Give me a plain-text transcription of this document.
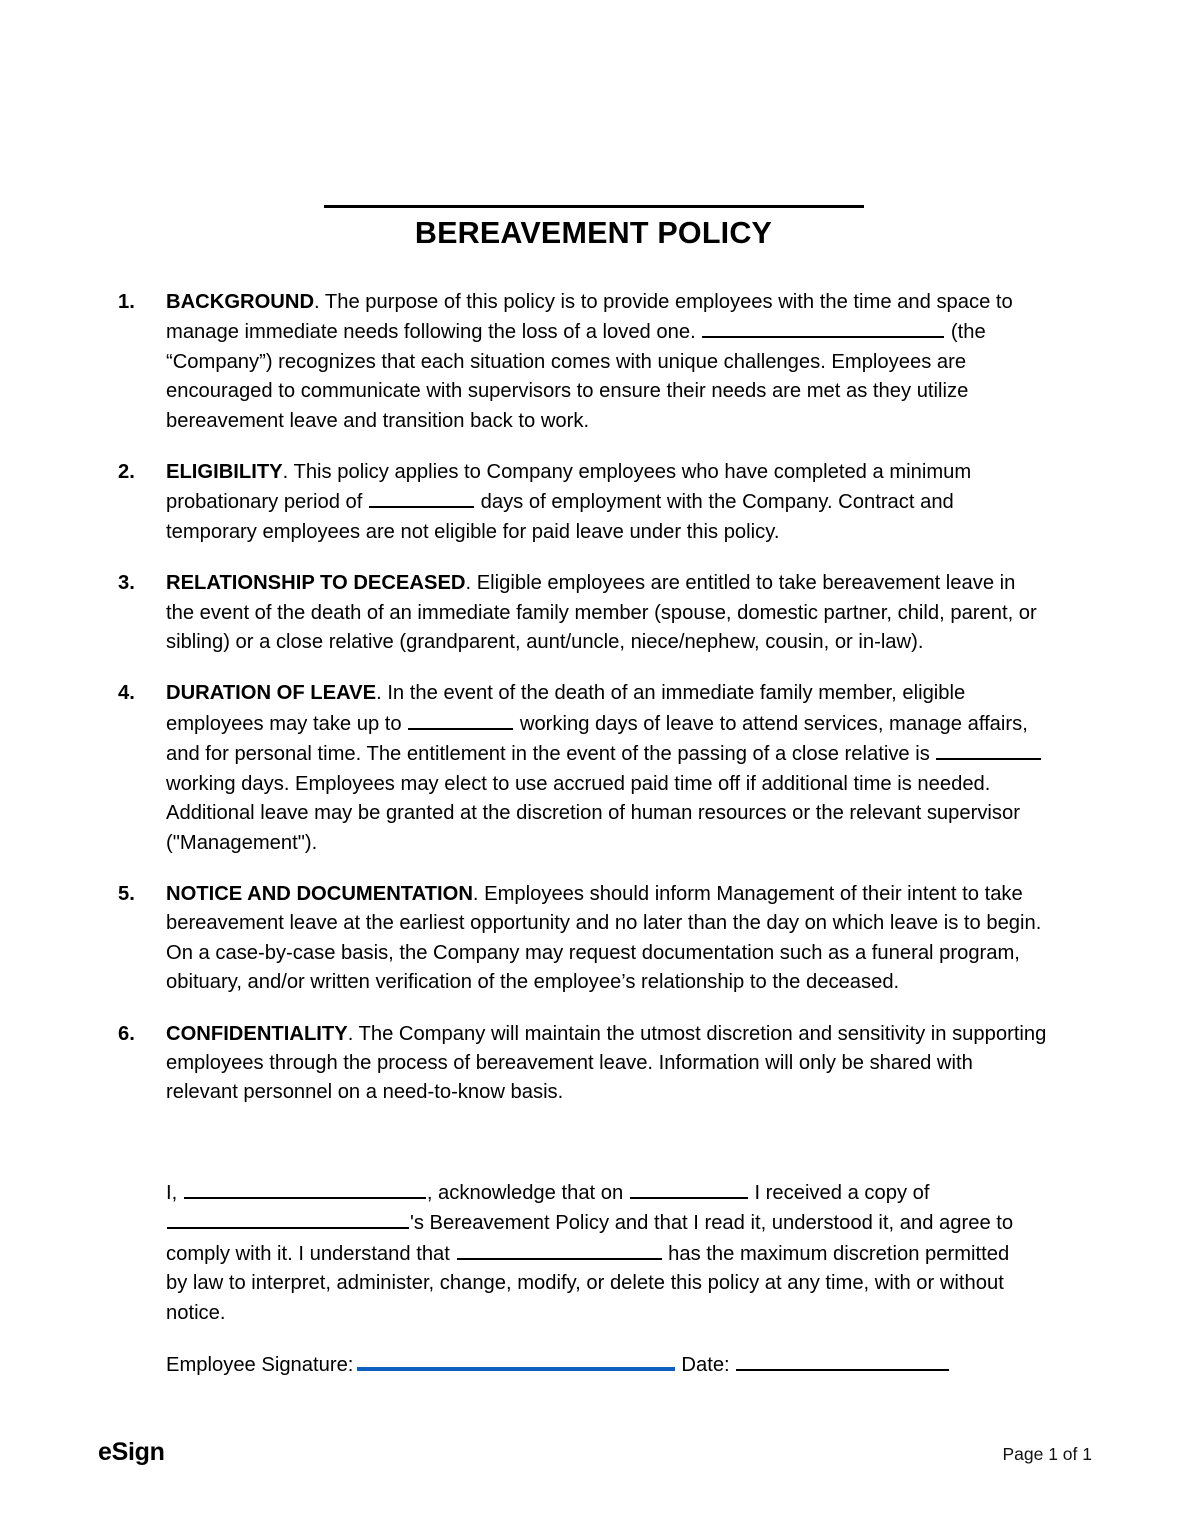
BEREAVEMENT POLICY
1.	BACKGROUND. The purpose of this policy is to provide employees with the time and space to manage immediate needs following the loss of a loved one.	(the “Company”) recognizes that each situation comes with unique challenges. Employees are encouraged to communicate with supervisors to ensure their needs are met as they utilize bereavement leave and transition back to work.
2.	ELIGIBILITY. This policy applies to Company employees who have completed a minimum probationary period of	days of employment with the Company. Contract and temporary employees are not eligible for paid leave under this policy.
3.	RELATIONSHIP TO DECEASED. Eligible employees are entitled to take bereavement leave in the event of the death of an immediate family member (spouse, domestic partner, child, parent, or sibling) or a close relative (grandparent, aunt/uncle, niece/nephew, cousin, or in-law).
4.	DURATION OF LEAVE. In the event of the death of an immediate family member, eligible employees may take up to	working days of leave to attend services, manage affairs, and for personal time. The entitlement in the event of the passing of a close relative is  working days. Employees may elect to use accrued paid time off if additional time is needed. Additional leave may be granted at the discretion of human resources or the relevant supervisor ("Management").
5.	NOTICE AND DOCUMENTATION. Employees should inform Management of their intent to take bereavement leave at the earliest opportunity and no later than the day on which leave is to begin. On a case-by-case basis, the Company may request documentation such as a funeral program, obituary, and/or written verification of the employee’s relationship to the deceased.
6.	CONFIDENTIALITY. The Company will maintain the utmost discretion and sensitivity in supporting employees through the process of bereavement leave. Information will only be shared with relevant personnel on a need-to-know basis.
I,	, acknowledge that on	I received a copy of 's Bereavement Policy and that I read it, understood it, and agree to comply with it. I understand that	has the maximum discretion permitted by law to interpret, administer, change, modify, or delete this policy at any time, with or without notice.
Employee Signature:	Date:
eSign	Page 1 of 1
